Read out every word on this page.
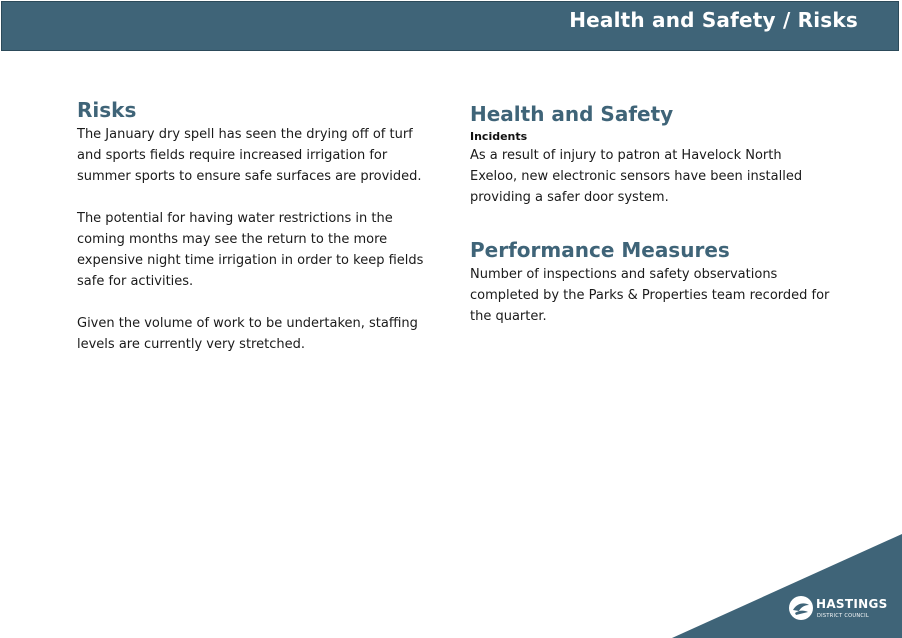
Health and Safety / Risks
Risks

The January dry spell has seen the drying off of turf and sports fields require increased irrigation for summer sports to ensure safe surfaces are provided.

The potential for having water restrictions in the coming months may see the return to the more expensive night time irrigation in order to keep fields safe for activities.

Given the volume of work to be undertaken, staffing levels are currently very stretched.

Health and Safety

Incidents

As a result of injury to patron at Havelock North Exeloo, new electronic sensors have been installed providing a safer door system.

Performance Measures

Number of inspections and safety observations completed by the Parks & Properties team recorded for the quarter.

HASTINGS
DISTRICT COUNCIL
